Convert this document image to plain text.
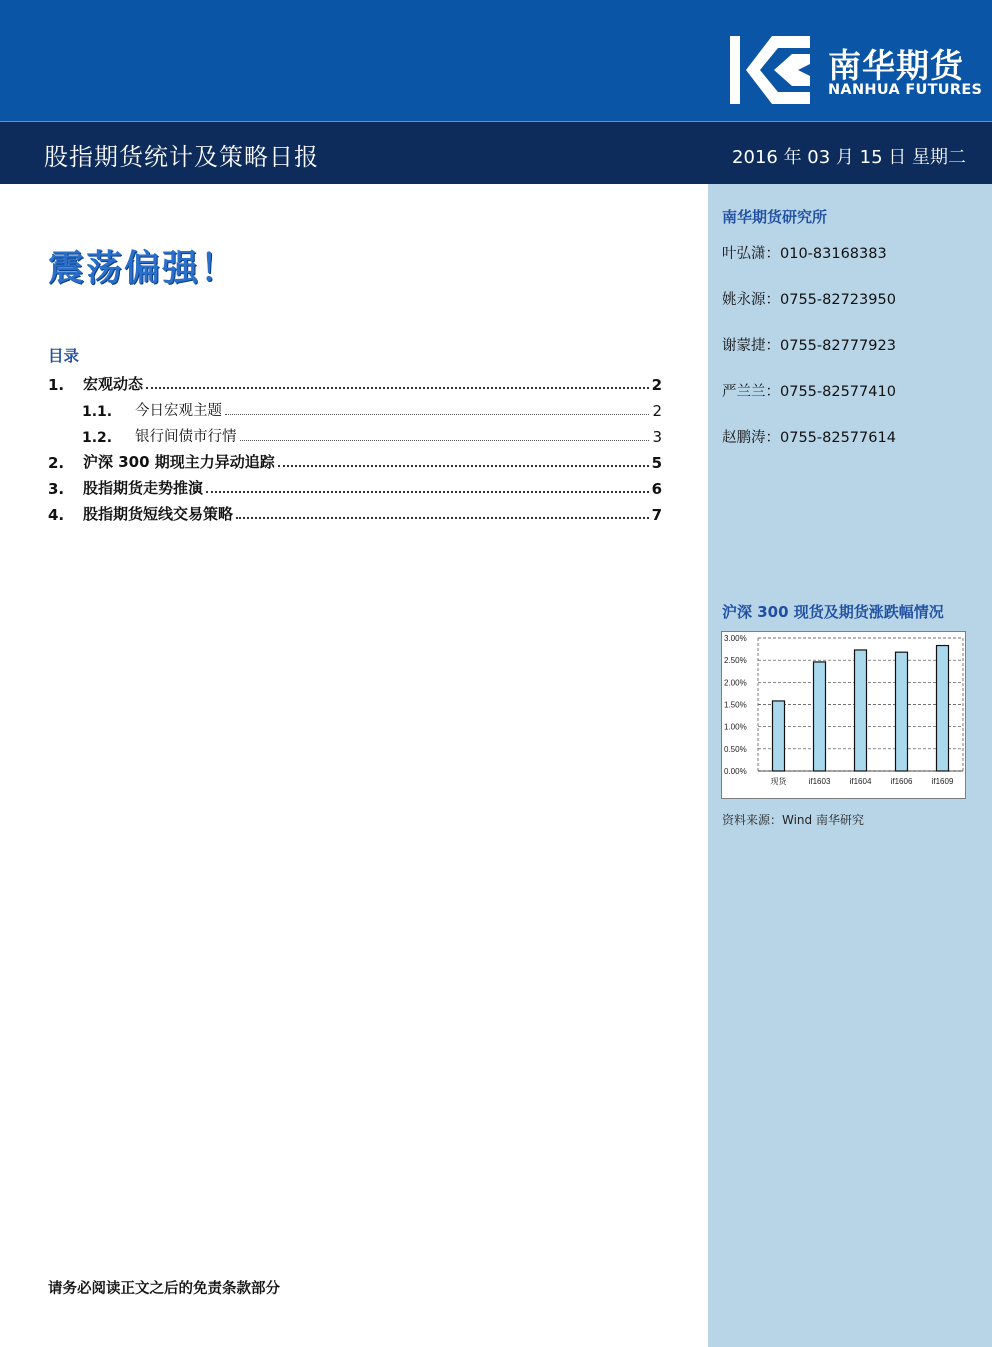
南华期货
NANHUA FUTURES
股指期货统计及策略日报	2016 年 03 月 15 日 星期二
震荡偏强！
目录
1.	宏观动态	2
1.1.	今日宏观主题	2
1.2.	银行间债市行情	3
2.	沪深 300 期现主力异动追踪	5
3.	股指期货走势推演	6
4.	股指期货短线交易策略	7
请务必阅读正文之后的免责条款部分
南华期货研究所
叶弘潇：010-83168383
姚永源：0755-82723950
谢蒙捷：0755-82777923
严兰兰：0755-82577410
赵鹏涛：0755-82577614
沪深 300 现货及期货涨跌幅情况
0.00%
0.50%
1.00%
1.50%
2.00%
2.50%
3.00%
现货	if1603 if1604 if1606 if1609
资料来源：Wind 南华研究
